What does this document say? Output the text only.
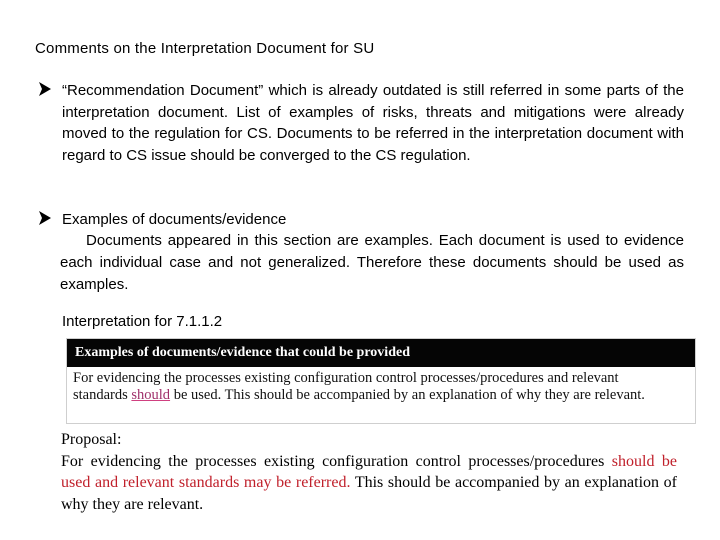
Comments on the Interpretation Document for SU
“Recommendation Document” which is already outdated is still referred in some parts of the interpretation document. List of examples of risks, threats and mitigations were already moved to the regulation for CS. Documents to be referred in the interpretation document with regard to CS issue should be converged to the CS regulation.
Examples of documents/evidence
Documents appeared in this section are examples. Each document is used to evidence each individual case and not generalized. Therefore these documents should be used as examples.
Interpretation for 7.1.1.2
Examples of documents/evidence that could be provided
For evidencing the processes existing configuration control processes/procedures and relevant
standards should be used. This should be accompanied by an explanation of why they are relevant.
Proposal:
For evidencing the processes existing configuration control processes/procedures should be used and relevant standards may be referred. This should be accompanied by an explanation of why they are relevant.
